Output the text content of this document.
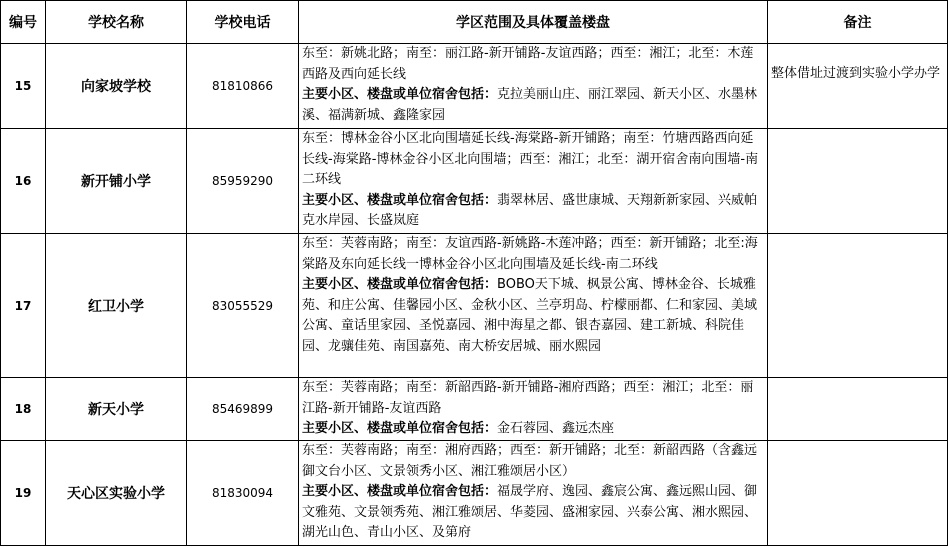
编号	学校名称	学校电话	学区范围及具体覆盖楼盘	备注
15	向家坡学校	81810866	东至：新姚北路；南至：丽江路-新开铺路-友谊西路；西至：湘江；北至：木莲西路及西向延长线
主要小区、楼盘或单位宿舍包括：克拉美丽山庄、丽江翠园、新天小区、水墨林溪、福满新城、鑫隆家园	整体借址过渡到实验小学办学
16	新开铺小学	85959290	东至：博林金谷小区北向围墙延长线-海棠路-新开铺路；南至：竹塘西路西向延长线-海棠路-博林金谷小区北向围墙；西至：湘江；北至：湖开宿舍南向围墙-南二环线
主要小区、楼盘或单位宿舍包括：翡翠林居、盛世康城、天翔新新家园、兴威帕克水岸园、长盛岚庭	
17	红卫小学	83055529	东至：芙蓉南路；南至：友谊西路-新姚路-木莲冲路；西至：新开铺路；北至:海棠路及东向延长线一博林金谷小区北向围墙及延长线-南二环线
主要小区、楼盘或单位宿舍包括：BOBO天下城、枫景公寓、博林金谷、长城雅苑、和庄公寓、佳馨园小区、金秋小区、兰亭玥岛、柠檬丽都、仁和家园、美域公寓、童话里家园、圣悦嘉园、湘中海星之都、银杏嘉园、建工新城、科院佳园、龙骧佳苑、南国嘉苑、南大桥安居城、丽水熙园	
18	新天小学	85469899	东至：芙蓉南路；南至：新韶西路-新开铺路-湘府西路；西至：湘江；北至：丽江路-新开铺路-友谊西路
主要小区、楼盘或单位宿舍包括：金石蓉园、鑫远杰座	
19	天心区实验小学	81830094	东至：芙蓉南路；南至：湘府西路；西至：新开铺路；北至：新韶西路（含鑫远御文台小区、文景领秀小区、湘江雅颂居小区）
主要小区、楼盘或单位宿舍包括：福晟学府、逸园、鑫宸公寓、鑫远熙山园、御文雅苑、文景领秀苑、湘江雅颂居、华菱园、盛湘家园、兴泰公寓、湘水熙园、湖光山色、青山小区、及第府	
